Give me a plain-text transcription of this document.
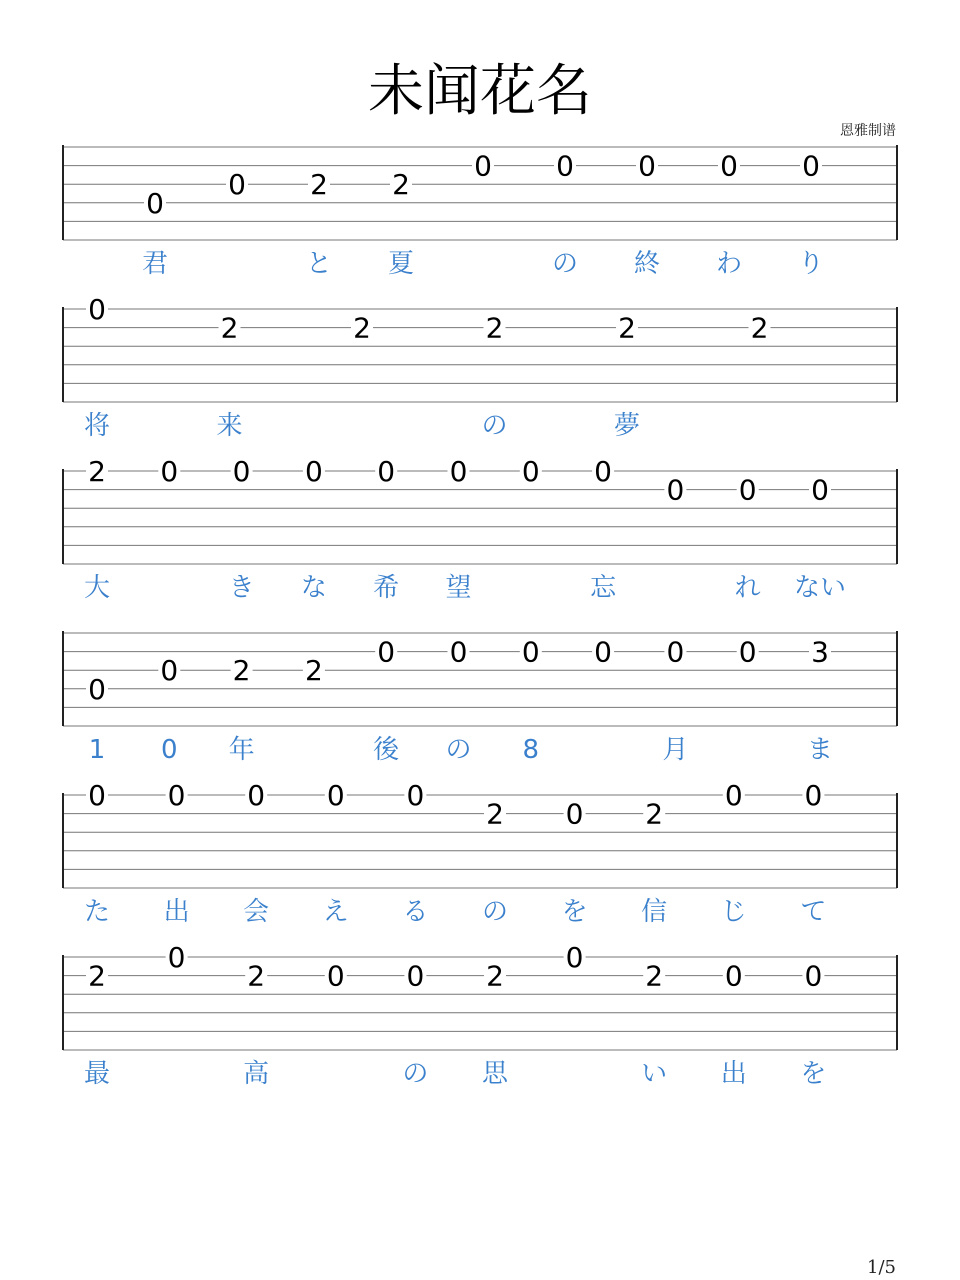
未闻花名
恩雅制谱
0
0 2 2
0 0 0 0 0
君	と 夏	の 終 わ り
0
2	2	2	2	2
将	来	の	夢
2 0 0 0 0 0 0 0
0 0 0
大	き な 希 望	忘	れ ない
0
0 2 2
0 0 0 0 0 0 3
1 0 年	後 の 8	月	ま
0 0 0 0 0
2 0 2
0 0
た 出 会 え る の を 信 じ て
2
0
2 0 0 2
0
2 0 0
最	高	の 思	い 出 を
1/5
